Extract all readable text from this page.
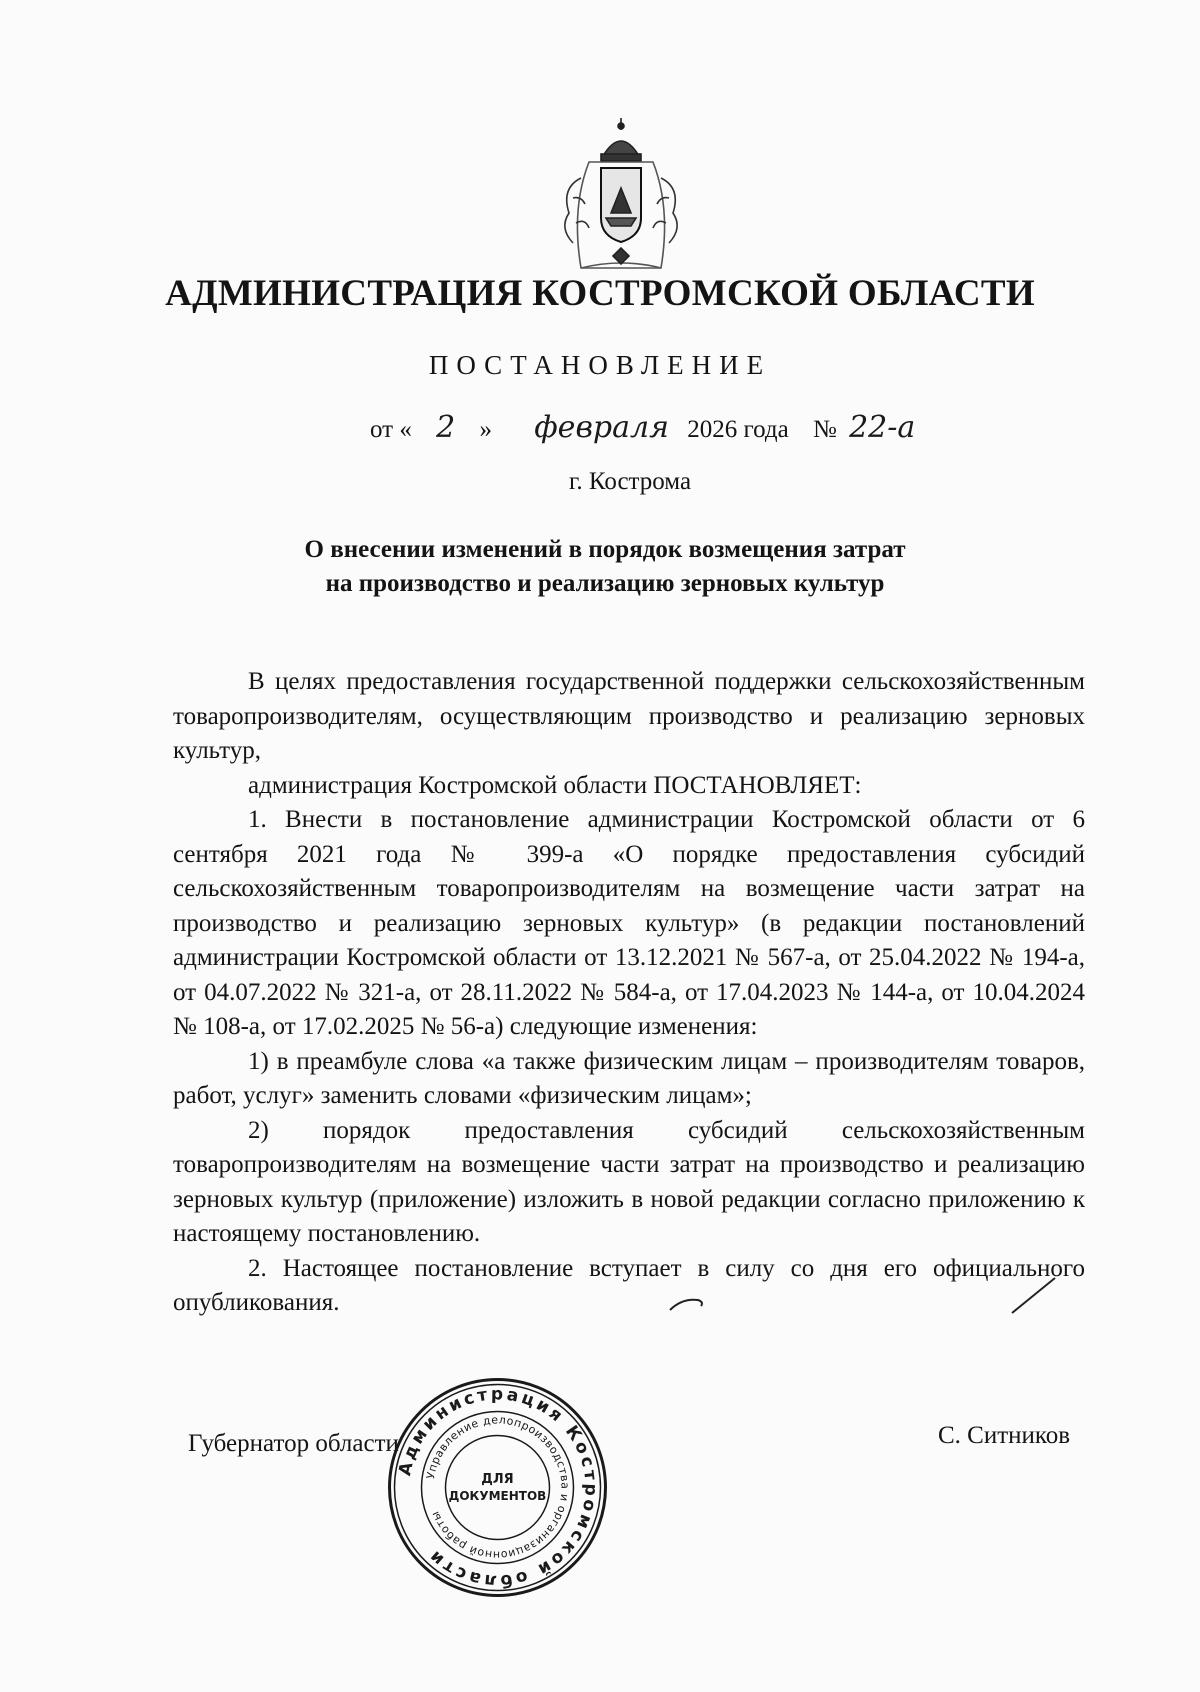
АДМИНИСТРАЦИЯ КОСТРОМСКОЙ ОБЛАСТИ
ПОСТАНОВЛЕНИЕ
от « 2 » февраля 2026 года № 22-а
г. Кострома
О внесении изменений в порядок возмещения затрат
на производство и реализацию зерновых культур

В целях предоставления государственной поддержки сельскохозяйственным товаропроизводителям, осуществляющим производство и реализацию зерновых культур,

администрация Костромской области ПОСТАНОВЛЯЕТ:

1. Внести в постановление администрации Костромской области от 6 сентября 2021 года № 399-а «О порядке предоставления субсидий сельскохозяйственным товаропроизводителям на возмещение части затрат на производство и реализацию зерновых культур» (в редакции постановлений администрации Костромской области от 13.12.2021 № 567-а, от 25.04.2022 № 194-а, от 04.07.2022 № 321-а, от 28.11.2022 № 584-а, от 17.04.2023 № 144-а, от 10.04.2024 № 108-а, от 17.02.2025 № 56-а) следующие изменения:

1) в преамбуле слова «а также физическим лицам – производителям товаров, работ, услуг» заменить словами «физическим лицам»;

2) порядок предоставления субсидий сельскохозяйственным товаропроизводителям на возмещение части затрат на производство и реализацию зерновых культур (приложение) изложить в новой редакции согласно приложению к настоящему постановлению.

2. Настоящее постановление вступает в силу со дня его официального опубликования.

Губернатор области	С. Ситников
Администрация Костромской области
Управление делопроизводства и организационной работы
ДЛЯ
ДОКУМЕНТОВ
